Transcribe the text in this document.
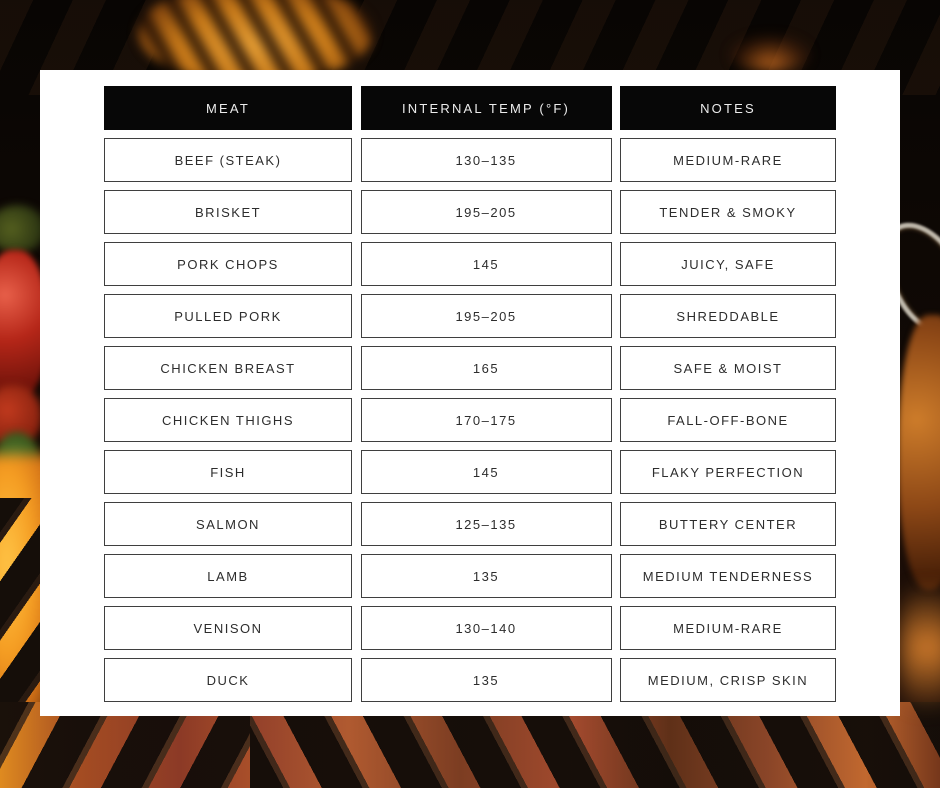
MEAT	INTERNAL TEMP (°F)	NOTES
BEEF (STEAK)	130–135	MEDIUM-RARE
BRISKET	195–205	TENDER & SMOKY
PORK CHOPS	145	JUICY, SAFE
PULLED PORK	195–205	SHREDDABLE
CHICKEN BREAST	165	SAFE & MOIST
CHICKEN THIGHS	170–175	FALL-OFF-BONE
FISH	145	FLAKY PERFECTION
SALMON	125–135	BUTTERY CENTER
LAMB	135	MEDIUM TENDERNESS
VENISON	130–140	MEDIUM-RARE
DUCK	135	MEDIUM, CRISP SKIN
